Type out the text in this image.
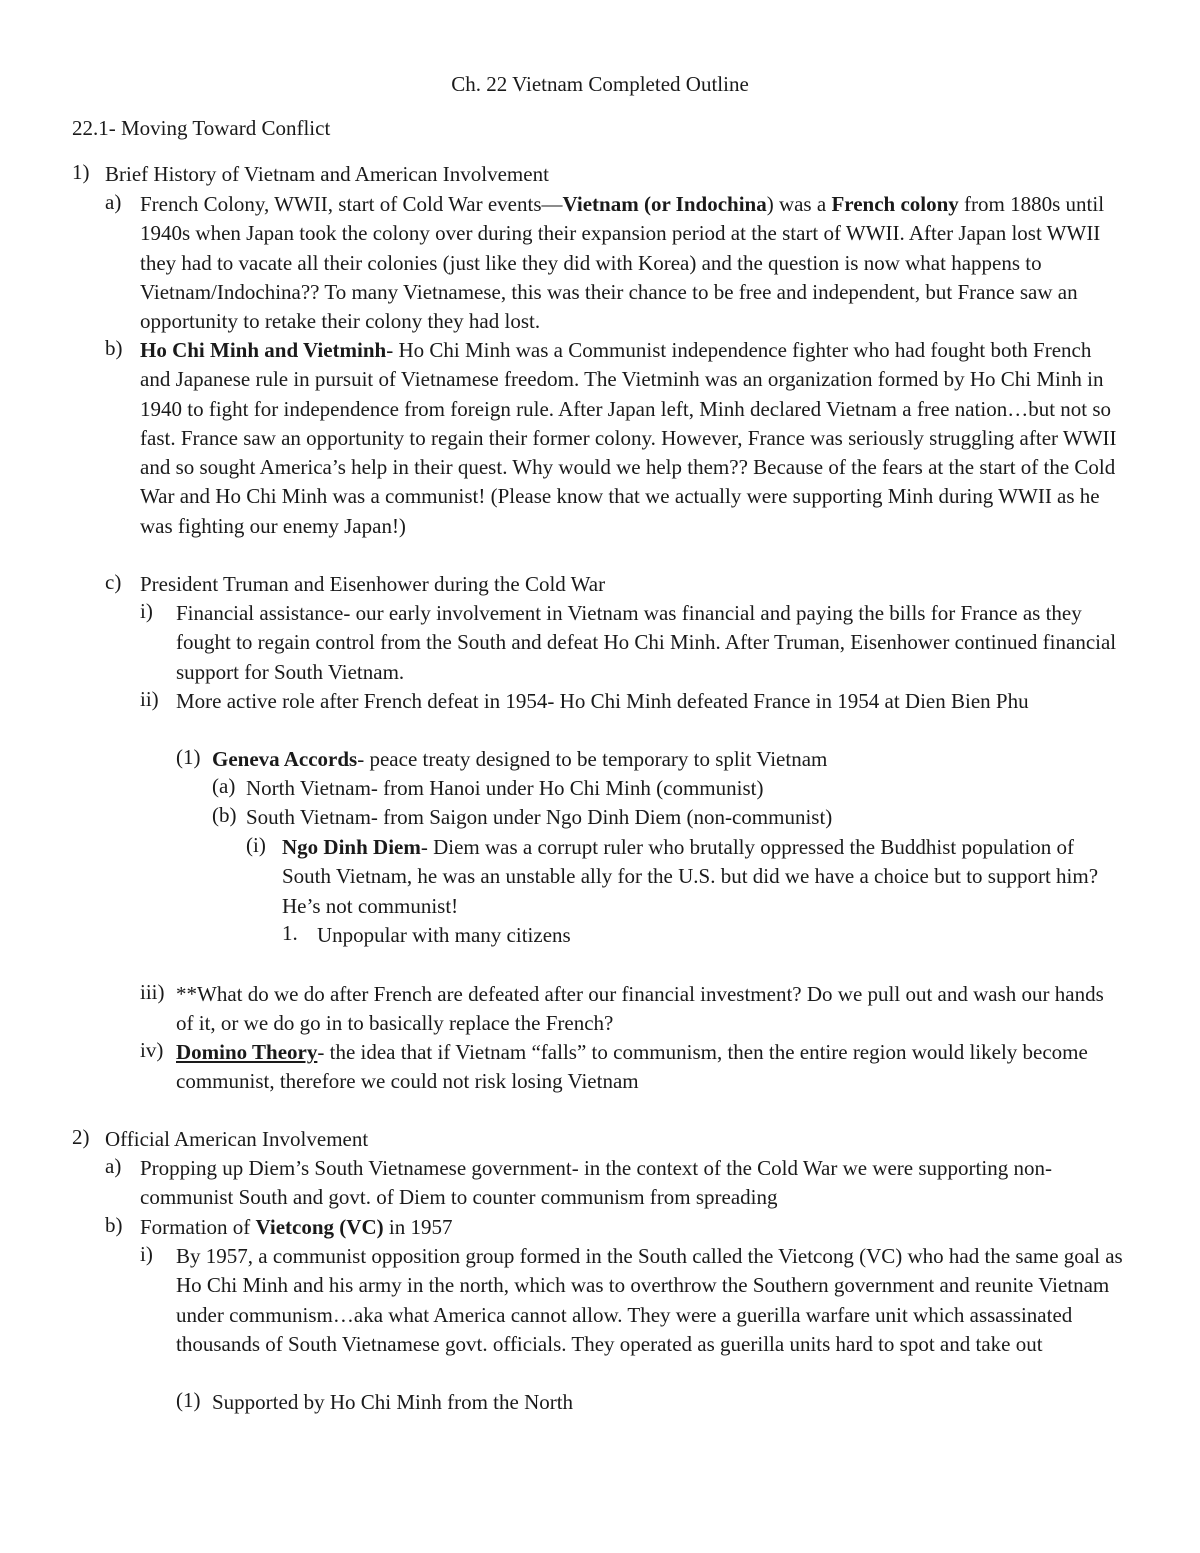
Ch. 22 Vietnam Completed Outline
22.1- Moving Toward Conflict
1) Brief History of Vietnam and American Involvement
a) French Colony, WWII, start of Cold War events—Vietnam (or Indochina) was a French colony from 1880s until 1940s when Japan took the colony over during their expansion period at the start of WWII. After Japan lost WWII they had to vacate all their colonies (just like they did with Korea) and the question is now what happens to Vietnam/Indochina?? To many Vietnamese, this was their chance to be free and independent, but France saw an opportunity to retake their colony they had lost.
b) Ho Chi Minh and Vietminh- Ho Chi Minh was a Communist independence fighter who had fought both French and Japanese rule in pursuit of Vietnamese freedom. The Vietminh was an organization formed by Ho Chi Minh in 1940 to fight for independence from foreign rule. After Japan left, Minh declared Vietnam a free nation…but not so fast. France saw an opportunity to regain their former colony. However, France was seriously struggling after WWII and so sought America’s help in their quest. Why would we help them?? Because of the fears at the start of the Cold War and Ho Chi Minh was a communist! (Please know that we actually were supporting Minh during WWII as he was fighting our enemy Japan!)
c) President Truman and Eisenhower during the Cold War
i) Financial assistance- our early involvement in Vietnam was financial and paying the bills for France as they fought to regain control from the South and defeat Ho Chi Minh. After Truman, Eisenhower continued financial support for South Vietnam.
ii) More active role after French defeat in 1954- Ho Chi Minh defeated France in 1954 at Dien Bien Phu
(1) Geneva Accords- peace treaty designed to be temporary to split Vietnam
(a) North Vietnam- from Hanoi under Ho Chi Minh (communist)
(b) South Vietnam- from Saigon under Ngo Dinh Diem (non-communist)
(i) Ngo Dinh Diem- Diem was a corrupt ruler who brutally oppressed the Buddhist population of South Vietnam, he was an unstable ally for the U.S. but did we have a choice but to support him? He’s not communist!
1. Unpopular with many citizens
iii) **What do we do after French are defeated after our financial investment? Do we pull out and wash our hands of it, or we do go in to basically replace the French?
iv) Domino Theory- the idea that if Vietnam “falls” to communism, then the entire region would likely become communist, therefore we could not risk losing Vietnam
2) Official American Involvement
a) Propping up Diem’s South Vietnamese government- in the context of the Cold War we were supporting non-communist South and govt. of Diem to counter communism from spreading
b) Formation of Vietcong (VC) in 1957
i) By 1957, a communist opposition group formed in the South called the Vietcong (VC) who had the same goal as Ho Chi Minh and his army in the north, which was to overthrow the Southern government and reunite Vietnam under communism…aka what America cannot allow. They were a guerilla warfare unit which assassinated thousands of South Vietnamese govt. officials. They operated as guerilla units hard to spot and take out
(1) Supported by Ho Chi Minh from the North
